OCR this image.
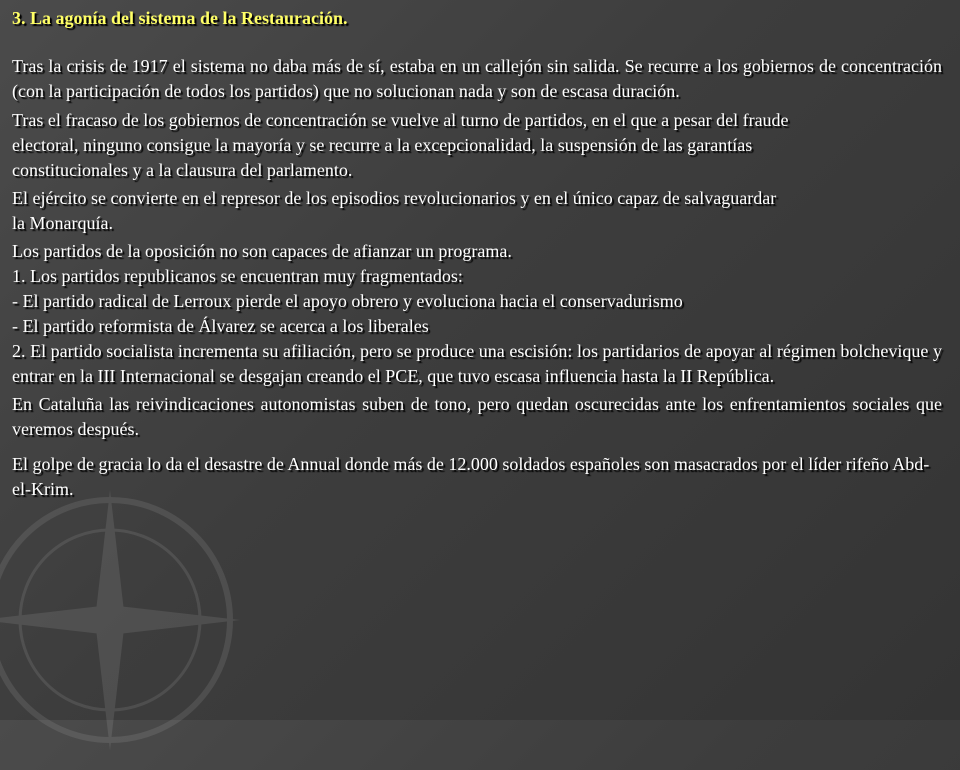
3. La agonía del sistema de la Restauración.

Tras la crisis de 1917 el sistema no daba más de sí, estaba en un callejón sin salida. Se recurre a los gobiernos de concentración (con la participación de todos los partidos) que no solucionan nada y son de escasa duración.

Tras el fracaso de los gobiernos de concentración se vuelve al turno de partidos, en el que a pesar del fraude

electoral, ninguno consigue la mayoría y se recurre a la excepcionalidad, la suspensión de las garantías

constitucionales y a la clausura del parlamento.

El ejército se convierte en el represor de los episodios revolucionarios y en el único capaz de salvaguardar

la Monarquía.

Los partidos de la oposición no son capaces de afianzar un programa.

1. Los partidos republicanos se encuentran muy fragmentados:

- El partido radical de Lerroux pierde el apoyo obrero y evoluciona hacia el conservadurismo

- El partido reformista de Álvarez se acerca a los liberales

2. El partido socialista incrementa su afiliación, pero se produce una escisión: los partidarios de apoyar al régimen bolchevique y entrar en la III Internacional se desgajan creando el PCE, que tuvo escasa influencia hasta la II República.

En Cataluña las reivindicaciones autonomistas suben de tono, pero quedan oscurecidas ante los enfrentamientos sociales que veremos después.

El golpe de gracia lo da el desastre de Annual donde más de 12.000 soldados españoles son masacrados por el líder rifeño Abd-el-Krim.
